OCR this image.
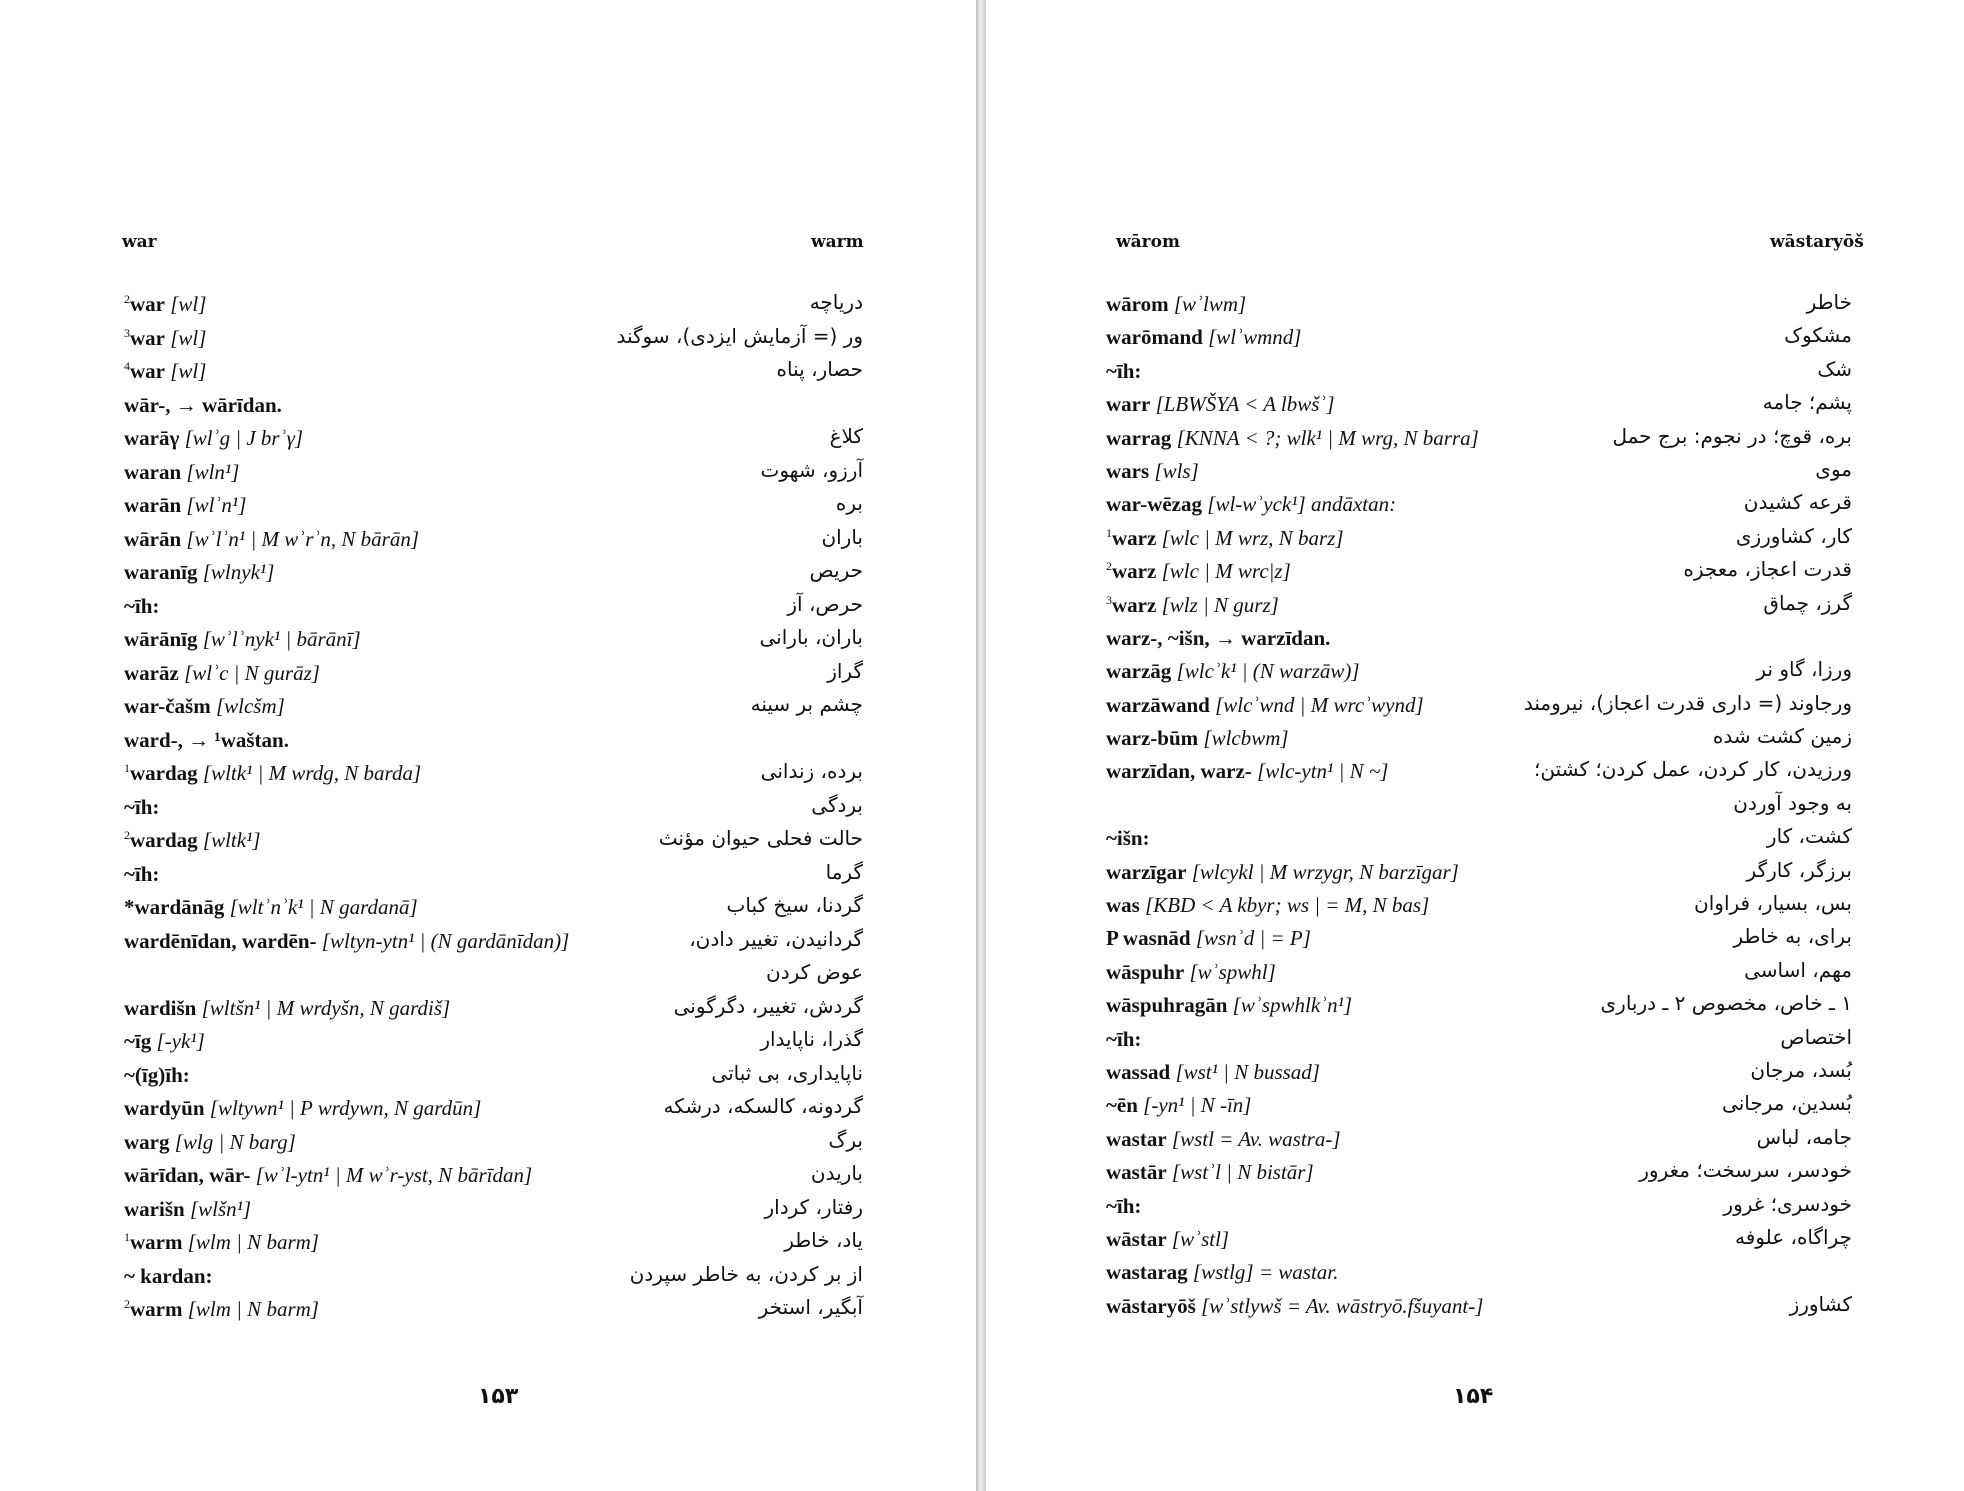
war	warm
$^2$war [wl]	دریاچه
$^3$war [wl]	ور (= آزمایش ایزدی)، سوگند
$^4$war [wl]	حصار، پناه
wār-, → wārīdan.
warāγ [wlʾg | J brʾγ]	کلاغ
waran [wln¹]	آرزو، شهوت
warān [wlʾn¹]	بره
wārān [wʾlʾn¹ | M wʾrʾn, N bārān]	باران
waranīg [wlnyk¹]	حریص
~īh:	حرص، آز
wārānīg [wʾlʾnyk¹ | bārānī]	باران، بارانی
warāz [wlʾc | N gurāz]	گراز
war-čašm [wlcšm]	چشم بر سینه
ward-, → ¹waštan.
$^1$wardag [wltk¹ | M wrdg, N barda]	برده، زندانی
~īh:	بردگی
$^2$wardag [wltk¹]	حالت فحلی حیوان مؤنث
~īh:	گرما
*wardānāg [wltʾnʾk¹ | N gardanā]	گردنا، سیخ کباب
wardēnīdan, wardēn- [wltyn-ytn¹ | (N gardānīdan)]	گردانیدن، تغییر دادن،
عوض کردن
wardišn [wltšn¹ | M wrdyšn, N gardiš]	گردش، تغییر، دگرگونی
~īg [-yk¹]	گذرا، ناپایدار
~(īg)īh:	ناپایداری، بی ثباتی
wardyūn [wltywn¹ | P wrdywn, N gardūn]	گردونه، کالسکه، درشکه
warg [wlg | N barg]	برگ
wārīdan, wār- [wʾl-ytn¹ | M wʾr-yst, N bārīdan]	باریدن
warišn [wlšn¹]	رفتار، کردار
$^1$warm [wlm | N barm]	یاد، خاطر
~ kardan:	از بر کردن، به خاطر سپردن
$^2$warm [wlm | N barm]	آبگیر، استخر
۱۵۳
wārom	wāstaryōš
wārom [wʾlwm]	خاطر
warōmand [wlʾwmnd]	مشکوک
~īh:	شک
warr [LBWŠYA < A lbwšʾ]	پشم؛ جامه
warrag [KNNA < ?; wlk¹ | M wrg, N barra]	بره، قوچ؛ در نجوم: برج حمل
wars [wls]	موی
war-wēzag [wl-wʾyck¹] andāxtan:	قرعه کشیدن
$^1$warz [wlc | M wrz, N barz]	کار، کشاورزی
$^2$warz [wlc | M wrc|z]	قدرت اعجاز، معجزه
$^3$warz [wlz | N gurz]	گرز، چماق
warz-, ~išn, → warzīdan.
warzāg [wlcʾk¹ | (N warzāw)]	ورزا، گاو نر
warzāwand [wlcʾwnd | M wrcʾwynd]	ورجاوند (= داری قدرت اعجاز)، نیرومند
warz-būm [wlcbwm]	زمین کشت شده
warzīdan, warz- [wlc-ytn¹ | N ~]	ورزیدن، کار کردن، عمل کردن؛ کشتن؛
به وجود آوردن
~išn:	کشت، کار
warzīgar [wlcykl | M wrzygr, N barzīgar]	برزگر، کارگر
was [KBD < A kbyr; ws | = M, N bas]	بس، بسیار، فراوان
P wasnād [wsnʾd | = P]	برای، به خاطر
wāspuhr [wʾspwhl]	مهم، اساسی
wāspuhragān [wʾspwhlkʾn¹]	۱ ـ خاص، مخصوص ۲ ـ درباری
~īh:	اختصاص
wassad [wst¹ | N bussad]	بُسد، مرجان
~ēn [-yn¹ | N -īn]	بُسدین، مرجانی
wastar [wstl = Av. wastra-]	جامه، لباس
wastār [wstʾl | N bistār]	خودسر، سرسخت؛ مغرور
~īh:	خودسری؛ غرور
wāstar [wʾstl]	چراگاه، علوفه
wastarag [wstlg] = wastar.
wāstaryōš [wʾstlywš = Av. wāstryō.fšuyant-]	کشاورز
۱۵۴
